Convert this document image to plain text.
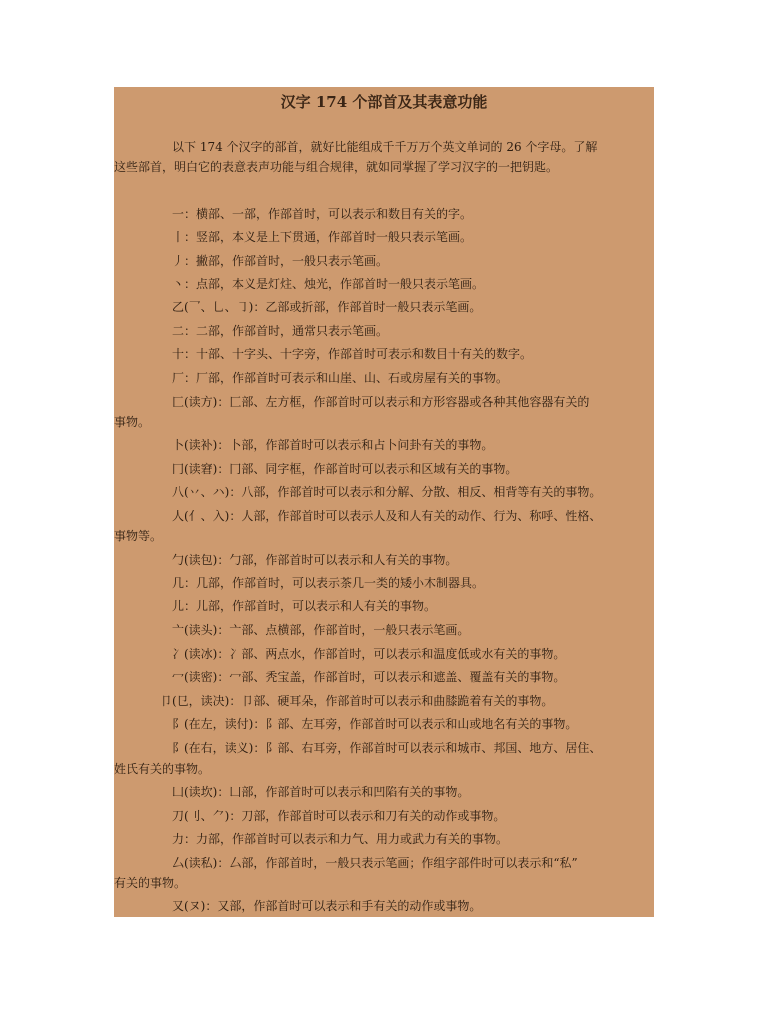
汉字 174 个部首及其表意功能

以下 174 个汉字的部首，就好比能组成千千万万个英文单词的 26 个字母。了解

这些部首，明白它的表意表声功能与组合规律，就如同掌握了学习汉字的一把钥匙。

一：横部、一部，作部首时，可以表示和数目有关的字。

丨：竖部，本义是上下贯通，作部首时一般只表示笔画。

丿：撇部，作部首时，一般只表示笔画。

丶：点部，本义是灯炷、烛光，作部首时一般只表示笔画。

乙(乛、乚、㇆)：乙部或折部，作部首时一般只表示笔画。

二：二部，作部首时，通常只表示笔画。

十：十部、十字头、十字旁，作部首时可表示和数目十有关的数字。

厂：厂部，作部首时可表示和山崖、山、石或房屋有关的事物。

匚(读方)：匚部、左方框，作部首时可以表示和方形容器或各种其他容器有关的

事物。

卜(读补)：卜部，作部首时可以表示和占卜问卦有关的事物。

冂(读窘)：冂部、同字框，作部首时可以表示和区域有关的事物。

八(丷、ハ)：八部，作部首时可以表示和分解、分散、相反、相背等有关的事物。

人(亻、入)：人部，作部首时可以表示人及和人有关的动作、行为、称呼、性格、

事物等。

勹(读包)：勹部，作部首时可以表示和人有关的事物。

几：几部，作部首时，可以表示茶几一类的矮小木制器具。

儿：儿部，作部首时，可以表示和人有关的事物。

亠(读头)：亠部、点横部，作部首时，一般只表示笔画。

冫(读冰)：冫部、两点水，作部首时，可以表示和温度低或水有关的事物。

冖(读密)：冖部、秃宝盖，作部首时，可以表示和遮盖、覆盖有关的事物。

卩(㔾，读决)：卩部、硬耳朵，作部首时可以表示和曲膝跪着有关的事物。

阝(在左，读付)：阝部、左耳旁，作部首时可以表示和山或地名有关的事物。

阝(在右，读义)：阝部、右耳旁，作部首时可以表示和城市、邦国、地方、居住、

姓氏有关的事物。

凵(读坎)：凵部，作部首时可以表示和凹陷有关的事物。

刀(刂、⺈)：刀部，作部首时可以表示和刀有关的动作或事物。

力：力部，作部首时可以表示和力气、用力或武力有关的事物。

厶(读私)：厶部，作部首时，一般只表示笔画；作组字部件时可以表示和“私”

有关的事物。

又(ヌ)：又部，作部首时可以表示和手有关的动作或事物。
